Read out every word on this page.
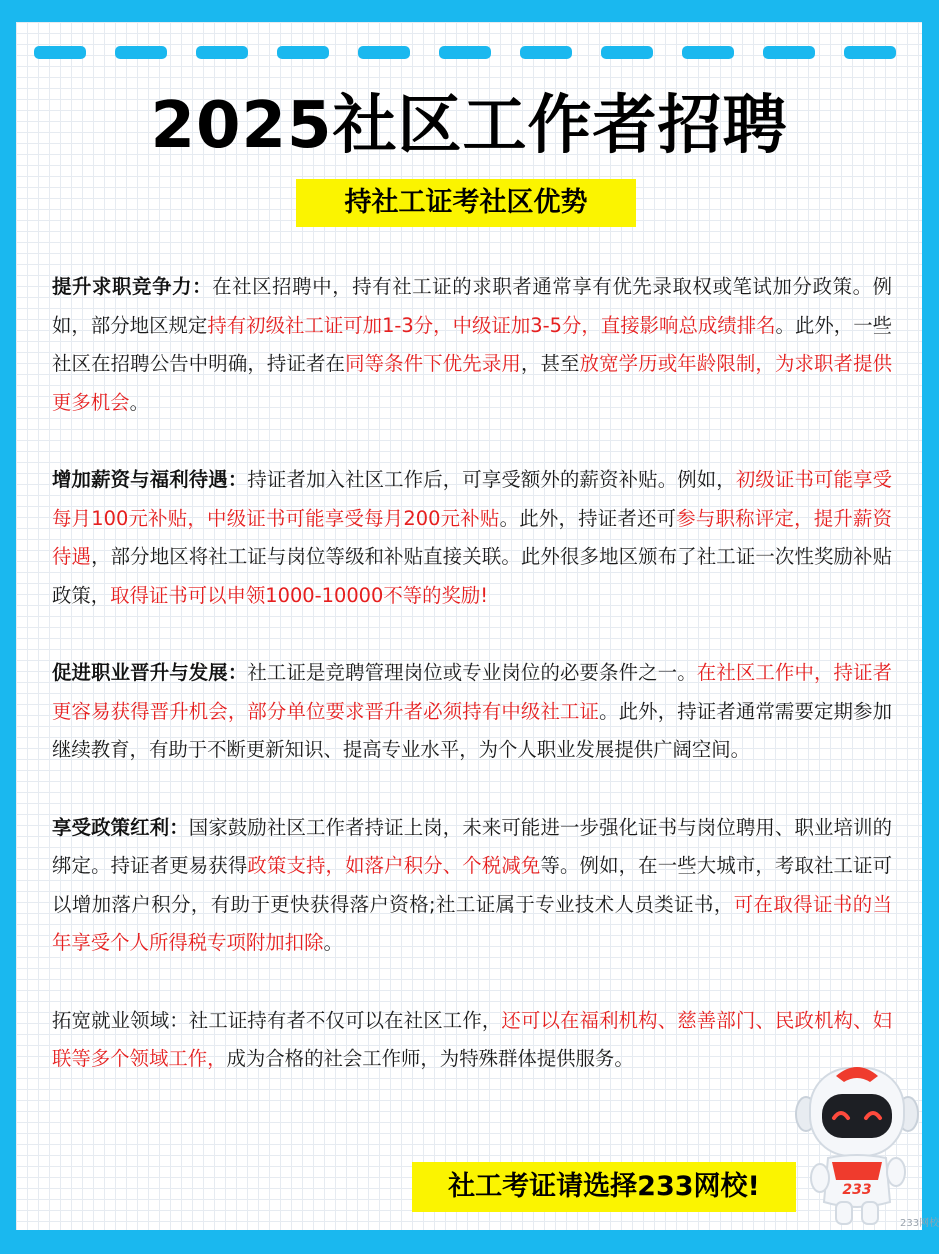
2025社区工作者招聘
持社工证考社区优势

提升求职竞争力：在社区招聘中，持有社工证的求职者通常享有优先录取权或笔试加分政策。例如，部分地区规定持有初级社工证可加1-3分，中级证加3-5分，直接影响总成绩排名。此外，一些社区在招聘公告中明确，持证者在同等条件下优先录用，甚至放宽学历或年龄限制，为求职者提供更多机会。

增加薪资与福利待遇：持证者加入社区工作后，可享受额外的薪资补贴。例如，初级证书可能享受每月100元补贴，中级证书可能享受每月200元补贴。此外，持证者还可参与职称评定，提升薪资待遇，部分地区将社工证与岗位等级和补贴直接关联。此外很多地区颁布了社工证一次性奖励补贴政策，取得证书可以申领1000-10000不等的奖励!

促进职业晋升与发展：社工证是竞聘管理岗位或专业岗位的必要条件之一。在社区工作中，持证者更容易获得晋升机会，部分单位要求晋升者必须持有中级社工证。此外，持证者通常需要定期参加继续教育，有助于不断更新知识、提高专业水平，为个人职业发展提供广阔空间。

享受政策红利：国家鼓励社区工作者持证上岗，未来可能进一步强化证书与岗位聘用、职业培训的绑定。持证者更易获得政策支持，如落户积分、个税减免等。例如，在一些大城市，考取社工证可以增加落户积分，有助于更快获得落户资格;社工证属于专业技术人员类证书，可在取得证书的当年享受个人所得税专项附加扣除。

拓宽就业领域：社工证持有者不仅可以在社区工作，还可以在福利机构、慈善部门、民政机构、妇联等多个领域工作，成为合格的社会工作师，为特殊群体提供服务。

社工考证请选择233网校!	233
233网校
